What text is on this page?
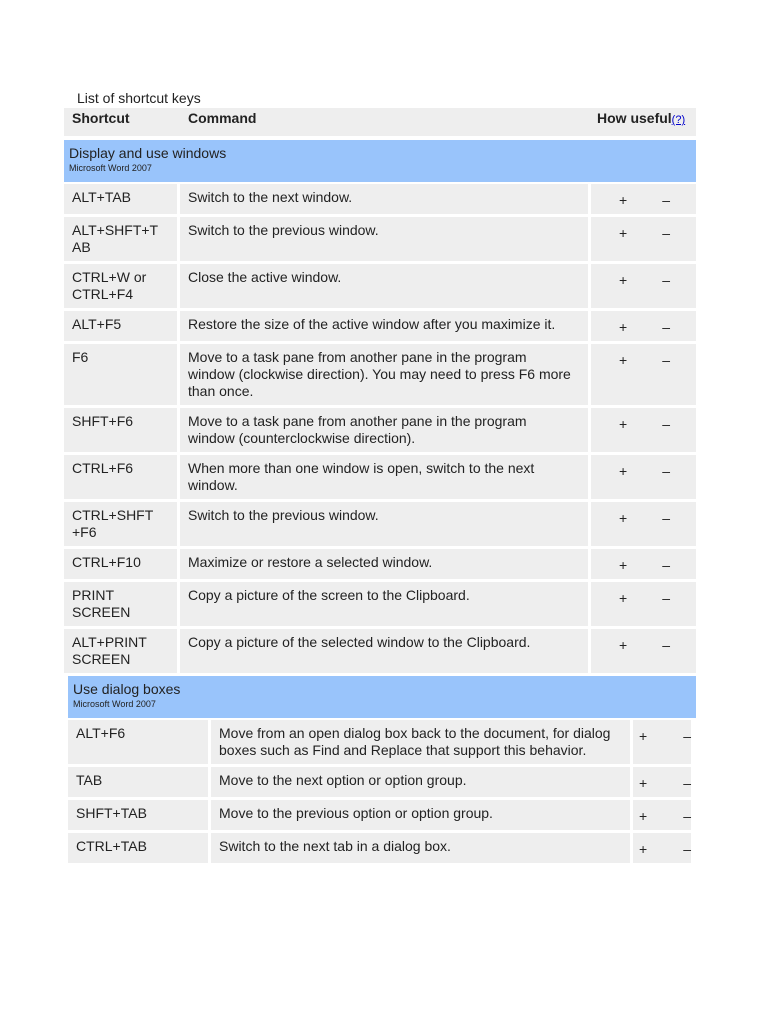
List of shortcut keys
Shortcut	Command	How useful(?)

Display and use windows
Microsoft Word 2007		

ALT+TAB	Switch to the next window.	+ –

ALT+SHFT+T AB	Switch to the previous window.	+ –

CTRL+W or CTRL+F4	Close the active window.	+ –

ALT+F5	Restore the size of the active window after you maximize it.	+ –

F6	Move to a task pane from another pane in the program window (clockwise direction). You may need to press F6 more than once.	+ –

SHFT+F6	Move to a task pane from another pane in the program window (counterclockwise direction).	+ –

CTRL+F6	When more than one window is open, switch to the next window.	+ –

CTRL+SHFT +F6	Switch to the previous window.	+ –

CTRL+F10	Maximize or restore a selected window.	+ –

PRINT SCREEN	Copy a picture of the screen to the Clipboard.	+ –

ALT+PRINT SCREEN	Copy a picture of the selected window to the Clipboard.	+ –
Use dialog boxes
Microsoft Word 2007		

ALT+F6	Move from an open dialog box back to the document, for dialog boxes such as Find and Replace that support this behavior.	+ –

TAB	Move to the next option or option group.	+ –

SHFT+TAB	Move to the previous option or option group.	+ –

CTRL+TAB	Switch to the next tab in a dialog box.	+ –
